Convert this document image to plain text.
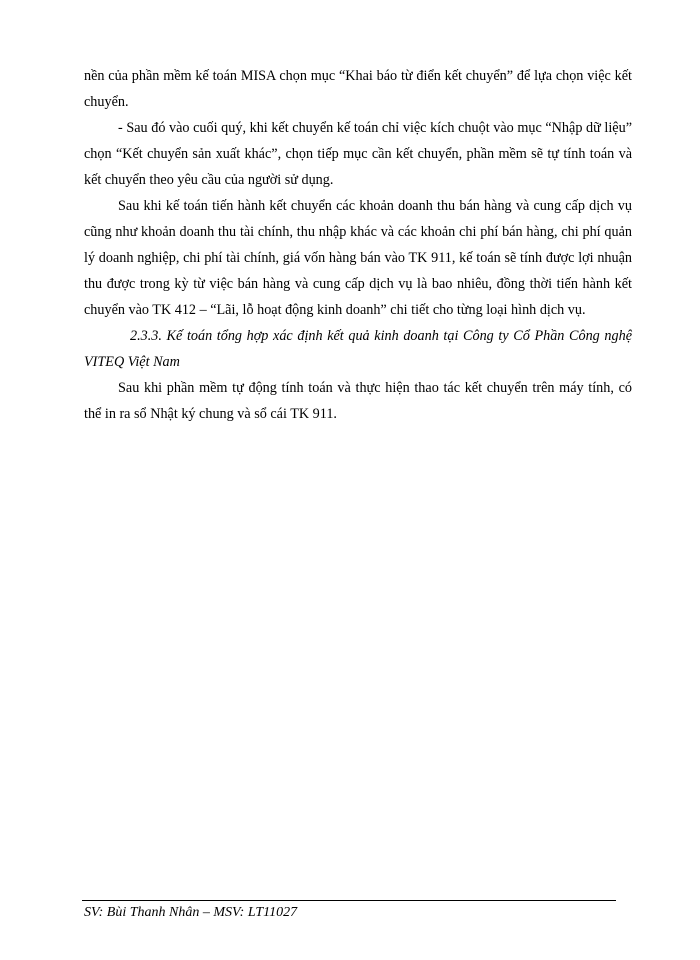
nền của phần mềm kế toán MISA chọn mục “Khai báo từ điển kết chuyển” để lựa chọn việc kết chuyển.

- Sau đó vào cuối quý, khi kết chuyển kế toán chỉ việc kích chuột vào mục “Nhập dữ liệu” chọn “Kết chuyển sản xuất khác”, chọn tiếp mục cần kết chuyển, phần mềm sẽ tự tính toán và kết chuyển theo yêu cầu của người sử dụng.

Sau khi kế toán tiến hành kết chuyển các khoản doanh thu bán hàng và cung cấp dịch vụ cũng như khoản doanh thu tài chính, thu nhập khác và các khoản chi phí bán hàng, chi phí quản lý doanh nghiệp, chi phí tài chính, giá vốn hàng bán vào TK 911, kế toán sẽ tính được lợi nhuận thu được trong kỳ từ việc bán hàng và cung cấp dịch vụ là bao nhiêu, đồng thời tiến hành kết chuyển vào TK 412 – “Lãi, lỗ hoạt động kinh doanh” chi tiết cho từng loại hình dịch vụ.

2.3.3. Kế toán tổng hợp xác định kết quả kinh doanh tại Công ty Cổ Phần Công nghệ VITEQ Việt Nam

Sau khi phần mềm tự động tính toán và thực hiện thao tác kết chuyển trên máy tính, có thể in ra sổ Nhật ký chung và sổ cái TK 911.

SV: Bùi Thanh Nhân – MSV: LT11027
